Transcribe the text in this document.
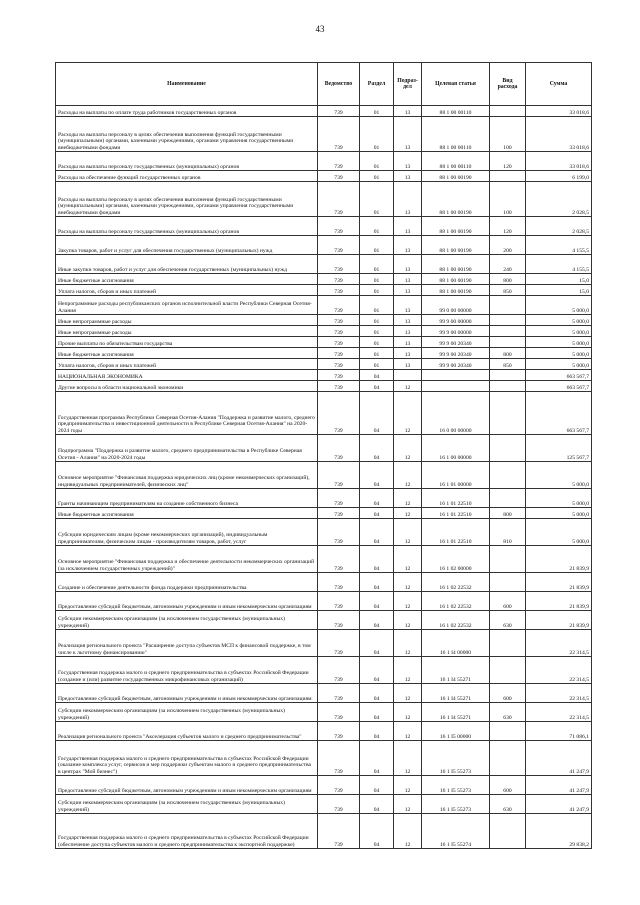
43
Наименование	Ведомство	Раздел	Подраз-дел	Целевая статья	Вид расхода	Сумма
Расходы на выплаты по оплате труда работников государственных органов	739	01	13	88 1 00 00110		33 018,6
Расходы на выплаты персоналу в целях обеспечения выполнения функций государственными (муниципальными) органами, казенными учреждениями, органами управления государственными внебюджетными фондами	739	01	13	88 1 00 00110	100	33 018,6
Расходы на выплаты персоналу государственных (муниципальных) органов	739	01	13	88 1 00 00110	120	33 018,6
Расходы на обеспечение функций государственных органов	739	01	13	88 1 00 00190		6 199,0
Расходы на выплаты персоналу в целях обеспечения выполнения функций государственными (муниципальными) органами, казенными учреждениями, органами управления государственными внебюджетными фондами	739	01	13	88 1 00 00190	100	2 028,5
Расходы на выплаты персоналу государственных (муниципальных) органов	739	01	13	88 1 00 00190	120	2 028,5
Закупка товаров, работ и услуг для обеспечения государственных (муниципальных) нужд	739	01	13	88 1 00 00190	200	4 155,5
Иные закупки товаров, работ и услуг для обеспечения государственных (муниципальных) нужд	739	01	13	88 1 00 00190	240	4 155,5
Иные бюджетные ассигнования	739	01	13	88 1 00 00190	800	15,0
Уплата налогов, сборов и иных платежей	739	01	13	88 1 00 00190	850	15,0
Непрограммные расходы республиканских органов исполнительной власти Республики Северная Осетия-Алания	739	01	13	99 0 00 00000		5 000,0
Иные непрограммные расходы	739	01	13	99 9 00 00000		5 000,0
Иные непрограммные расходы	739	01	13	99 9 00 00000		5 000,0
Прочие выплаты по обязательствам государства	739	01	13	99 9 00 20340		5 000,0
Иные бюджетные ассигнования	739	01	13	99 9 00 20340	800	5 000,0
Уплата налогов, сборов и иных платежей	739	01	13	99 9 00 20340	850	5 000,0
НАЦИОНАЛЬНАЯ ЭКОНОМИКА	739	04				663 567,7
Другие вопросы в области национальной экономики	739	04	12			663 567,7
Государственная программа Республики Северная Осетия-Алания "Поддержка и развитие малого, среднего предпринимательства и инвестиционной деятельности в Республике Северная Осетия-Алания" на 2020-2024 годы	739	04	12	16 0 00 00000		663 567,7
Подпрограмма "Поддержка и развитие малого, среднего предпринимательства в Республике Северная Осетия - Алания" на 2020-2024 годы	739	04	12	16 1 00 00000		125 567,7
Основное мероприятие "Финансовая поддержка юридических лиц (кроме некоммерческих организаций), индивидуальных предпринимателей, физических лиц"	739	04	12	16 1 01 00000		5 000,0
Гранты начинающим предпринимателям на создание собственного бизнеса	739	04	12	16 1 01 22510		5 000,0
Иные бюджетные ассигнования	739	04	12	16 1 01 22510	800	5 000,0
Субсидии юридическим лицам (кроме некоммерческих организаций), индивидуальным предпринимателям, физическим лицам - производителям товаров, работ, услуг	739	04	12	16 1 01 22510	810	5 000,0
Основное мероприятие "Финансовая поддержка и обеспечение деятельности некоммерческих организаций (за исключением государственных учреждений)"	739	04	12	16 1 02 00000		21 839,9
Создание и обеспечение деятельности фонда поддержки предпринимательства	739	04	12	16 1 02 22532		21 839,9
Предоставление субсидий бюджетным, автономным учреждениям и иным некоммерческим организациям	739	04	12	16 1 02 22532	600	21 839,9
Субсидии некоммерческим организациям (за исключением государственных (муниципальных) учреждений)	739	04	12	16 1 02 22532	630	21 839,9
Реализация регионального проекта "Расширение доступа субъектов МСП к финансовой поддержке, в том числе к льготному финансированию"	739	04	12	16 1 I4 00000		22 314,5
Государственная поддержка малого и среднего предпринимательства в субъектах Российской Федерации (создание и (или) развитие государственных микрофинансовых организаций)	739	04	12	16 1 I4 55271		22 314,5
Предоставление субсидий бюджетным, автономным учреждениям и иным некоммерческим организациям	739	04	12	16 1 I4 55271	600	22 314,5
Субсидии некоммерческим организациям (за исключением государственных (муниципальных) учреждений)	739	04	12	16 1 I4 55271	630	22 314,5
Реализация регионального проекта "Акселерация субъектов малого и среднего предпринимательства"	739	04	12	16 1 I5 00000		71 086,1
Государственная поддержка малого и среднего предпринимательства в субъектах Российской Федерации (оказание комплекса услуг, сервисов и мер поддержки субъектам малого и среднего предпринимательства в центрах "Мой бизнес")	739	04	12	16 1 I5 55273		41 247,9
Предоставление субсидий бюджетным, автономным учреждениям и иным некоммерческим организациям	739	04	12	16 1 I5 55273	600	41 247,9
Субсидии некоммерческим организациям (за исключением государственных (муниципальных) учреждений)	739	04	12	16 1 I5 55273	630	41 247,9
Государственная поддержка малого и среднего предпринимательства в субъектах Российской Федерации (обеспечение доступа субъектов малого и среднего предпринимательства к экспортной поддержке)	739	04	12	16 1 I5 55274		29 838,2
